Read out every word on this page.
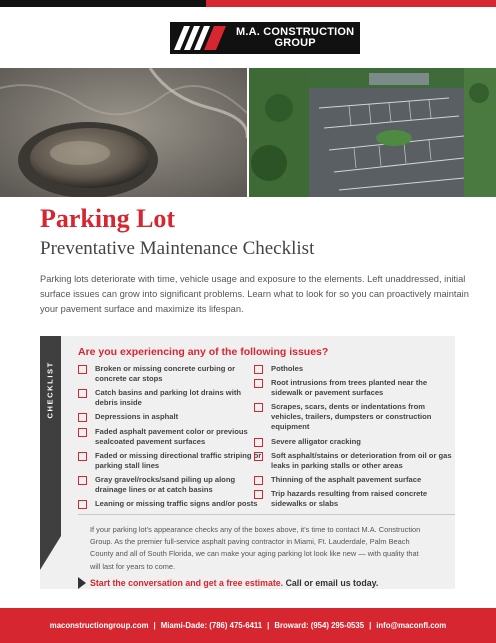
M.A. CONSTRUCTION
GROUP
Parking Lot
Preventative Maintenance Checklist
Parking lots deteriorate with time, vehicle usage and exposure to the elements. Left unaddressed, initial surface issues can grow into significant problems. Learn what to look for so you can proactively maintain your pavement surface and maximize its lifespan.
CHECKLIST
Are you experiencing any of the following issues?
Broken or missing concrete curbing or concrete car stops
Catch basins and parking lot drains with debris inside
Depressions in asphalt
Faded asphalt pavement color or previous sealcoated pavement surfaces
Faded or missing directional traffic striping or parking stall lines
Gray gravel/rocks/sand piling up along drainage lines or at catch basins
Leaning or missing traffic signs and/or posts
Potholes
Root intrusions from trees planted near the sidewalk or pavement surfaces
Scrapes, scars, dents or indentations from vehicles, trailers, dumpsters or construction equipment
Severe alligator cracking
Soft asphalt/stains or deterioration from oil or gas leaks in parking stalls or other areas
Thinning of the asphalt pavement surface
Trip hazards resulting from raised concrete sidewalks or slabs
If your parking lot's appearance checks any of the boxes above, it's time to contact M.A. Construction Group. As the premier full-service asphalt paving contractor in Miami, Ft. Lauderdale, Palm Beach County and all of South Florida, we can make your aging parking lot look like new — with quality that will last for years to come.
Start the conversation and get a free estimate. Call or email us today.
maconstructiongroup.com | Miami-Dade: (786) 475-6411 | Broward: (954) 295-0535 | info@maconfl.com
